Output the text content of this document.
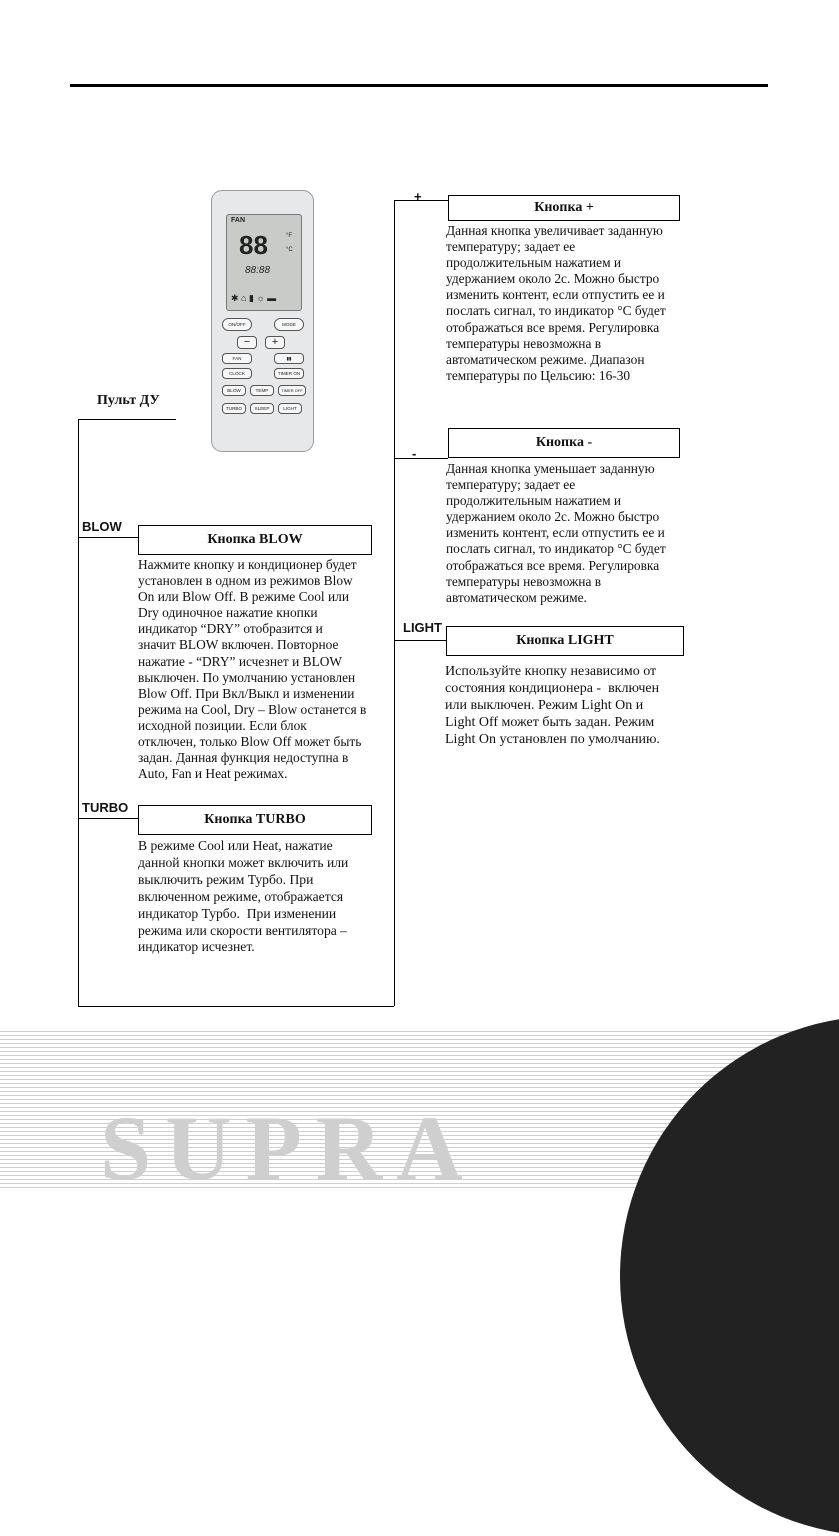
FAN
88	°F
°C
88:88
✱ ⌂ ▮ ☼ ▬
ON/OFF	MODE
−	+
FAN	▮▮
CLOCK	TIMER ON
BLOW	TEMP	TIMER OFF
TURBO	SLEEP	LIGHT
Пульт ДУ
+
Кнопка +
Данная кнопка увеличивает заданную
температуру; задает ее
продолжительным нажатием и
удержанием около 2с. Можно быстро
изменить контент, если отпустить ее и
послать сигнал, то индикатор °С будет
отображаться все время. Регулировка
температуры невозможна в
автоматическом режиме. Диапазон
температуры по Цельсию: 16-30
-
Кнопка -
Данная кнопка уменьшает заданную
температуру; задает ее
продолжительным нажатием и
удержанием около 2с. Можно быстро
изменить контент, если отпустить ее и
послать сигнал, то индикатор °С будет
отображаться все время. Регулировка
температуры невозможна в
автоматическом режиме.
LIGHT
Кнопка LIGHT
Используйте кнопку независимо от
состояния кондиционера -  включен
или выключен. Режим Light On и
Light Off может быть задан. Режим
Light On установлен по умолчанию.
BLOW
Кнопка BLOW
Нажмите кнопку и кондиционер будет
установлен в одном из режимов Blow
On или Blow Off. В режиме Cool или
Dry одиночное нажатие кнопки
индикатор “DRY” отобразится и
значит BLOW включен. Повторное
нажатие - “DRY” исчезнет и BLOW
выключен. По умолчанию установлен
Blow Off. При Вкл/Выкл и изменении
режима на Cool, Dry – Blow останется в
исходной позиции. Если блок
отключен, только Blow Off может быть
задан. Данная функция недоступна в
Auto, Fan и Heat режимах.
TURBO
Кнопка TURBO
В режиме Cool или Heat, нажатие
данной кнопки может включить или
выключить режим Турбо. При
включенном режиме, отображается
индикатор Турбо.  При изменении
режима или скорости вентилятора –
индикатор исчезнет.
SUPRA
